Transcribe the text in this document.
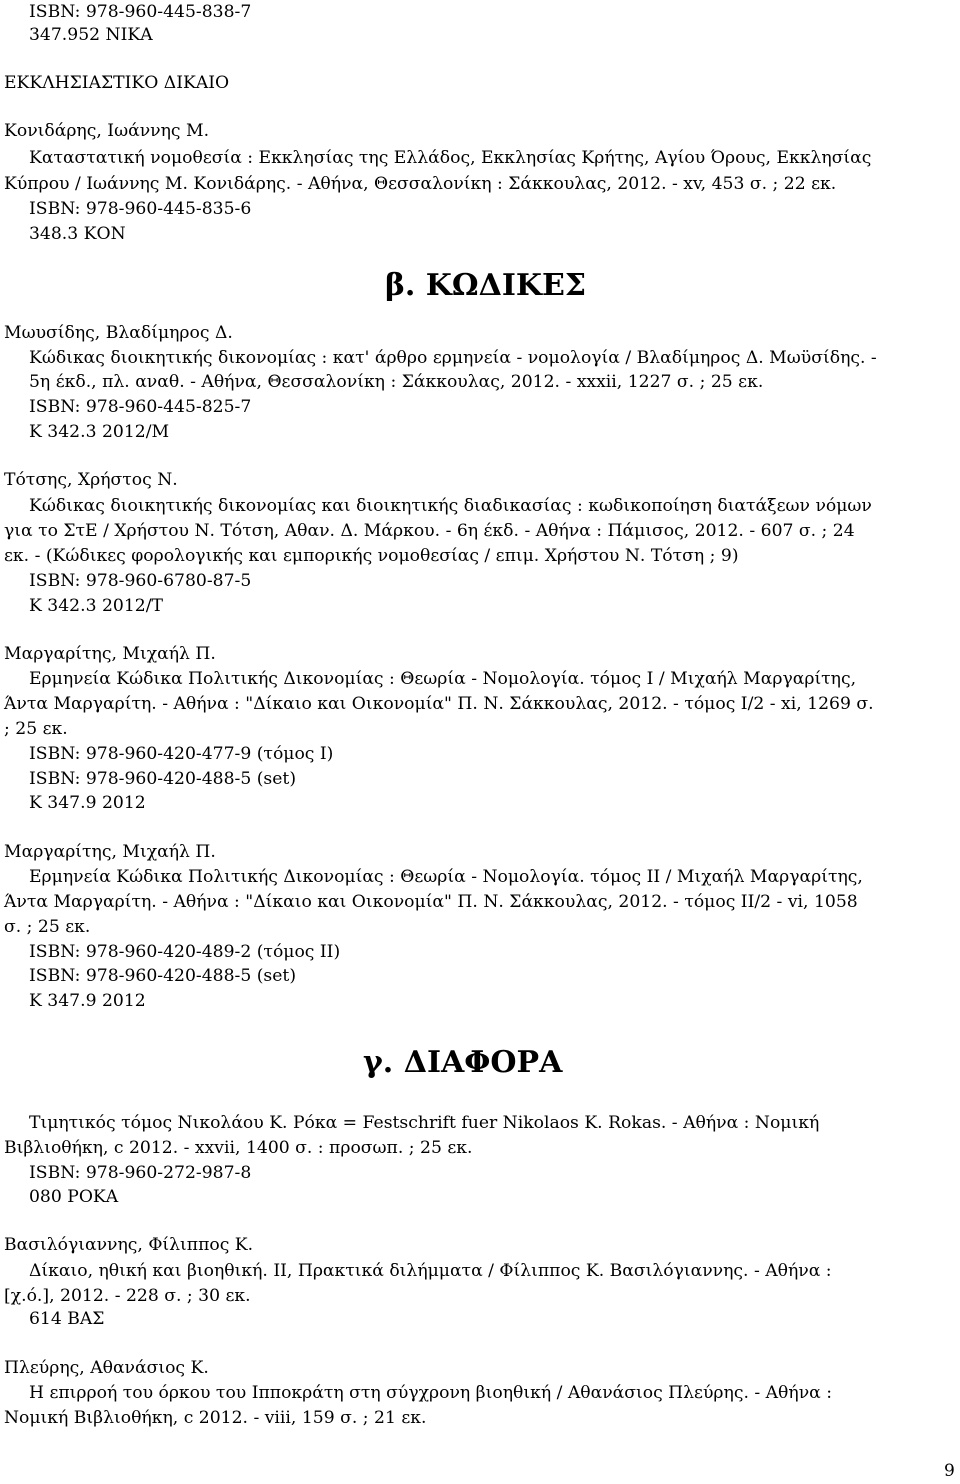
ISBN: 978-960-445-838-7
347.952 ΝΙΚΑ
ΕΚΚΛΗΣΙΑΣΤΙΚΟ ΔΙΚΑΙΟ
Κονιδάρης, Ιωάννης Μ.
Καταστατική νομοθεσία : Εκκλησίας της Ελλάδος, Εκκλησίας Κρήτης, Αγίου Όρους, Εκκλησίας
Κύπρου / Ιωάννης Μ. Κονιδάρης. - Αθήνα, Θεσσαλονίκη : Σάκκουλας, 2012. - xv, 453 σ. ; 22 εκ.
ISBN: 978-960-445-835-6
348.3 ΚΟΝ
β. ΚΩΔΙΚΕΣ
Μωυσίδης, Βλαδίμηρος Δ.
Κώδικας διοικητικής δικονομίας : κατ' άρθρο ερμηνεία - νομολογία / Βλαδίμηρος Δ. Μωϋσίδης. -
5η έκδ., πλ. αναθ. - Αθήνα, Θεσσαλονίκη : Σάκκουλας, 2012. - xxxii, 1227 σ. ; 25 εκ.
ISBN: 978-960-445-825-7
Κ 342.3 2012/Μ
Τότσης, Χρήστος Ν.
Κώδικας διοικητικής δικονομίας και διοικητικής διαδικασίας : κωδικοποίηση διατάξεων νόμων
για το ΣτΕ / Χρήστου Ν. Τότση, Αθαν. Δ. Μάρκου. - 6η έκδ. - Αθήνα : Πάμισος, 2012. - 607 σ. ; 24
εκ. - (Κώδικες φορολογικής και εμπορικής νομοθεσίας / επιμ. Χρήστου Ν. Τότση ; 9)
ISBN: 978-960-6780-87-5
Κ 342.3 2012/Τ
Μαργαρίτης, Μιχαήλ Π.
Ερμηνεία Κώδικα Πολιτικής Δικονομίας : Θεωρία - Νομολογία. τόμος Ι / Μιχαήλ Μαργαρίτης,
Άντα Μαργαρίτη. - Αθήνα : "Δίκαιο και Οικονομία" Π. Ν. Σάκκουλας, 2012. - τόμος Ι/2 - xi, 1269 σ.
; 25 εκ.
ISBN: 978-960-420-477-9 (τόμος Ι)
ISBN: 978-960-420-488-5 (set)
Κ 347.9 2012
Μαργαρίτης, Μιχαήλ Π.
Ερμηνεία Κώδικα Πολιτικής Δικονομίας : Θεωρία - Νομολογία. τόμος ΙΙ / Μιχαήλ Μαργαρίτης,
Άντα Μαργαρίτη. - Αθήνα : "Δίκαιο και Οικονομία" Π. Ν. Σάκκουλας, 2012. - τόμος ΙΙ/2 - vi, 1058
σ. ; 25 εκ.
ISBN: 978-960-420-489-2 (τόμος ΙΙ)
ISBN: 978-960-420-488-5 (set)
Κ 347.9 2012
γ. ΔΙΑΦΟΡΑ
Τιμητικός τόμος Νικολάου Κ. Ρόκα = Festschrift fuer Nikolaos K. Rokas. - Αθήνα : Νομική
Βιβλιοθήκη, c 2012. - xxvii, 1400 σ. : προσωπ. ; 25 εκ.
ISBN: 978-960-272-987-8
080 ΡΟΚΑ
Βασιλόγιαννης, Φίλιππος Κ.
Δίκαιο, ηθική και βιοηθική. ΙΙ, Πρακτικά διλήμματα / Φίλιππος Κ. Βασιλόγιαννης. - Αθήνα :
[χ.ό.], 2012. - 228 σ. ; 30 εκ.
614 ΒΑΣ
Πλεύρης, Αθανάσιος Κ.
Η επιρροή του όρκου του Ιπποκράτη στη σύγχρονη βιοηθική / Αθανάσιος Πλεύρης. - Αθήνα :
Νομική Βιβλιοθήκη, c 2012. - viii, 159 σ. ; 21 εκ.
9
